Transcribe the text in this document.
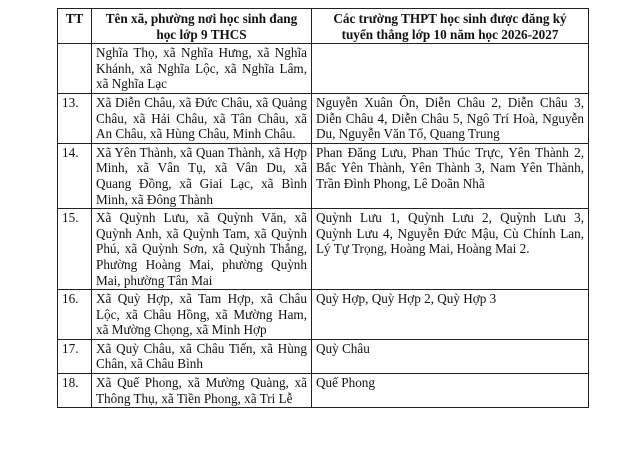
TT	Tên xã, phường nơi học sinh đang học lớp 9 THCS	Các trường THPT học sinh được đăng ký tuyển thẳng lớp 10 năm học 2026-2027
	Nghĩa Thọ, xã Nghĩa Hưng, xã Nghĩa Khánh, xã Nghĩa Lộc, xã Nghĩa Lâm, xã Nghĩa Lạc	
13.	Xã Diễn Châu, xã Đức Châu, xã Quảng Châu, xã Hải Châu, xã Tân Châu, xã An Châu, xã Hùng Châu, Minh Châu.	Nguyễn Xuân Ôn, Diễn Châu 2, Diễn Châu 3, Diễn Châu 4, Diễn Châu 5, Ngô Trí Hoà, Nguyễn Du, Nguyễn Văn Tố, Quang Trung
14.	Xã Yên Thành, xã Quan Thành, xã Hợp Minh, xã Vân Tụ, xã Vân Du, xã Quang Đồng, xã Giai Lạc, xã Bình Minh, xã Đông Thành	Phan Đăng Lưu, Phan Thúc Trực, Yên Thành 2, Bắc Yên Thành, Yên Thành 3, Nam Yên Thành, Trần Đình Phong, Lê Doãn Nhã
15.	Xã Quỳnh Lưu, xã Quỳnh Văn, xã Quỳnh Anh, xã Quỳnh Tam, xã Quỳnh Phú, xã Quỳnh Sơn, xã Quỳnh Thắng, Phường Hoàng Mai, phường Quỳnh Mai, phường Tân Mai	Quỳnh Lưu 1, Quỳnh Lưu 2, Quỳnh Lưu 3, Quỳnh Lưu 4, Nguyễn Đức Mậu, Cù Chính Lan, Lý Tự Trọng, Hoàng Mai, Hoàng Mai 2.
16.	Xã Quỳ Hợp, xã Tam Hợp, xã Châu Lộc, xã Châu Hồng, xã Mường Ham, xã Mường Chọng, xã Minh Hợp	Quỳ Hợp, Quỳ Hợp 2, Quỳ Hợp 3
17.	Xã Quỳ Châu, xã Châu Tiến, xã Hùng Chân, xã Châu Bình	Quỳ Châu
18.	Xã Quế Phong, xã Mường Quàng, xã Thông Thụ, xã Tiền Phong, xã Tri Lễ	Quế Phong
